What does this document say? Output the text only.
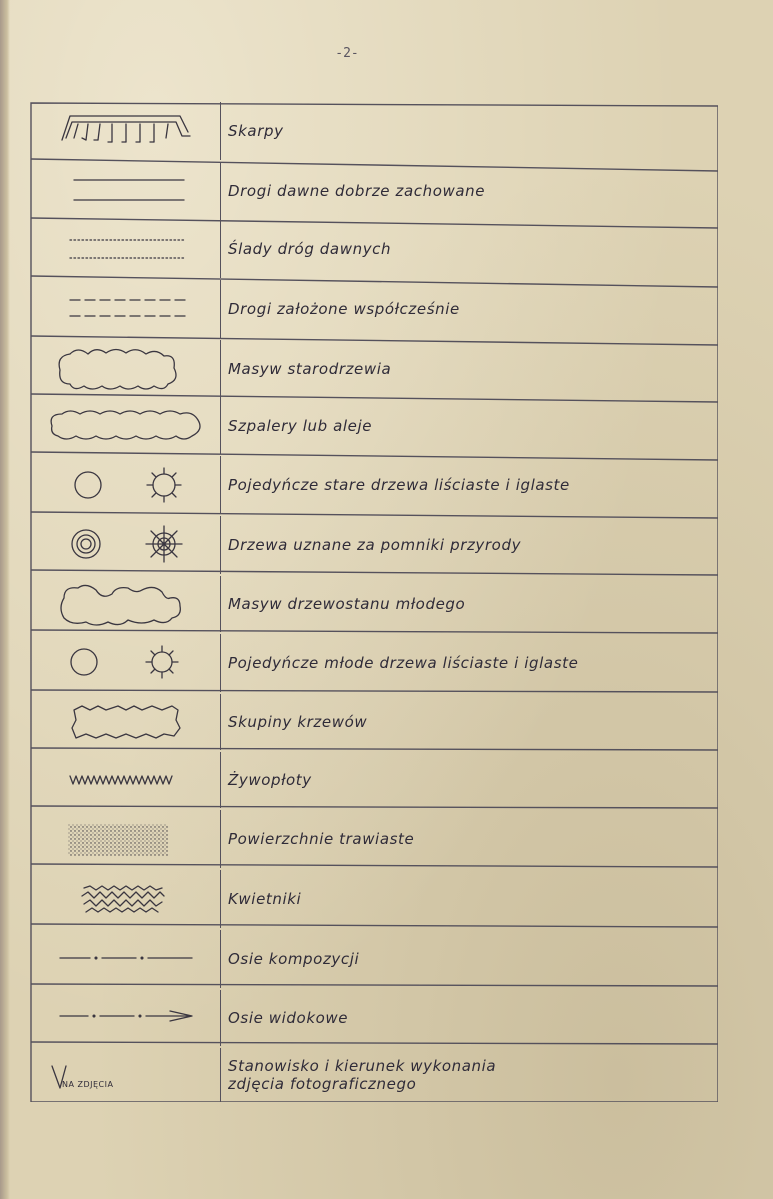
-2-
Skarpy
Drogi dawne dobrze zachowane
Ślady dróg dawnych
Drogi założone współcześnie
Masyw starodrzewia
Szpalery lub aleje
Pojedyńcze stare drzewa liściaste i iglaste
Drzewa uznane za pomniki przyrody
Masyw drzewostanu młodego
Pojedyńcze młode drzewa liściaste i iglaste
Skupiny krzewów
Żywopłoty
Powierzchnie trawiaste
Kwietniki
Osie kompozycji
Osie widokowe
Stanowisko i kierunek wykonania zdjęcia fotograficznego
NA ZDJĘCIA
